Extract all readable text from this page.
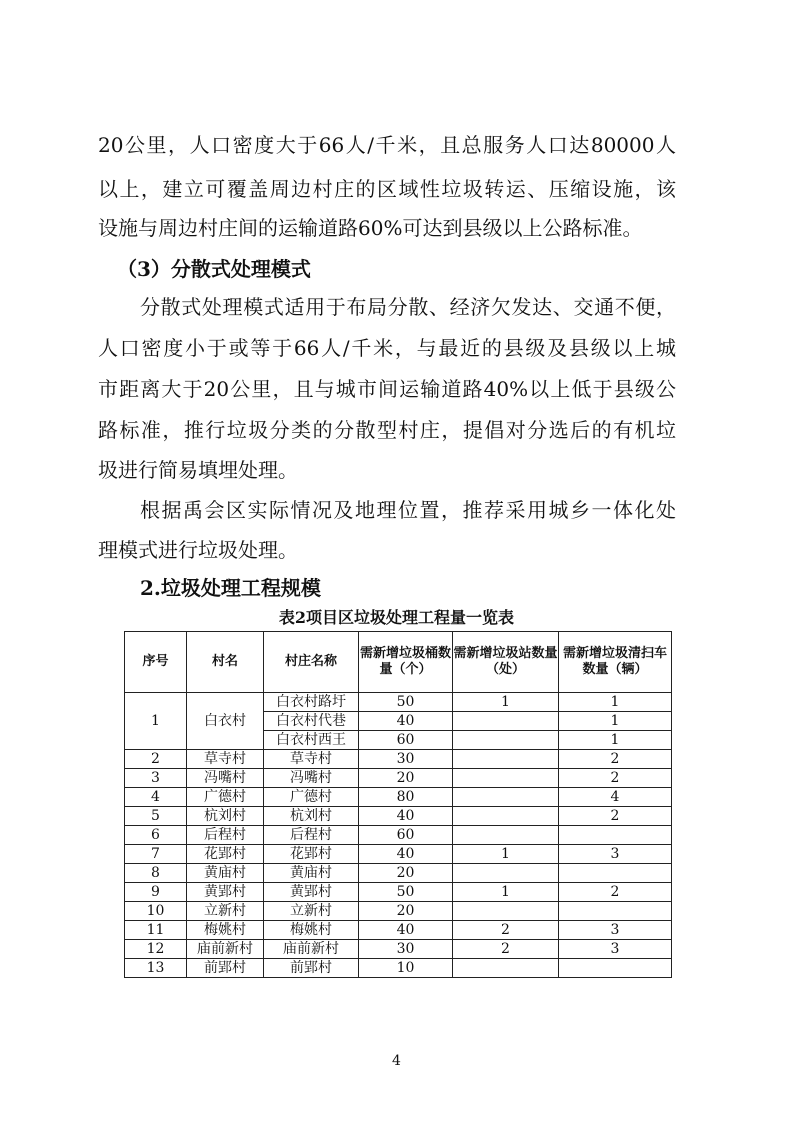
20公里，人口密度大于66人/千米，且总服务人口达80000人
以上，建立可覆盖周边村庄的区域性垃圾转运、压缩设施，该
设施与周边村庄间的运输道路60%可达到县级以上公路标准。
（3）分散式处理模式
分散式处理模式适用于布局分散、经济欠发达、交通不便，
人口密度小于或等于66人/千米，与最近的县级及县级以上城
市距离大于20公里，且与城市间运输道路40%以上低于县级公
路标准，推行垃圾分类的分散型村庄，提倡对分选后的有机垃
圾进行简易填埋处理。
根据禹会区实际情况及地理位置，推荐采用城乡一体化处
理模式进行垃圾处理。
2.垃圾处理工程规模
表2项目区垃圾处理工程量一览表
序号	村名	村庄名称	需新增垃圾桶数量（个）	需新增垃圾站数量（处）	需新增垃圾清扫车数量（辆）
1	白衣村	白衣村路圩	50	1	1
		白衣村代巷	40		1
		白衣村西王	60		1
2	草寺村	草寺村	30		2
3	冯嘴村	冯嘴村	20		2
4	广德村	广德村	80		4
5	杭刘村	杭刘村	40		2
6	后程村	后程村	60		
7	花郢村	花郢村	40	1	3
8	黄庙村	黄庙村	20		
9	黄郢村	黄郢村	50	1	2
10	立新村	立新村	20		
11	梅姚村	梅姚村	40	2	3
12	庙前新村	庙前新村	30	2	3
13	前郢村	前郢村	10		
4
